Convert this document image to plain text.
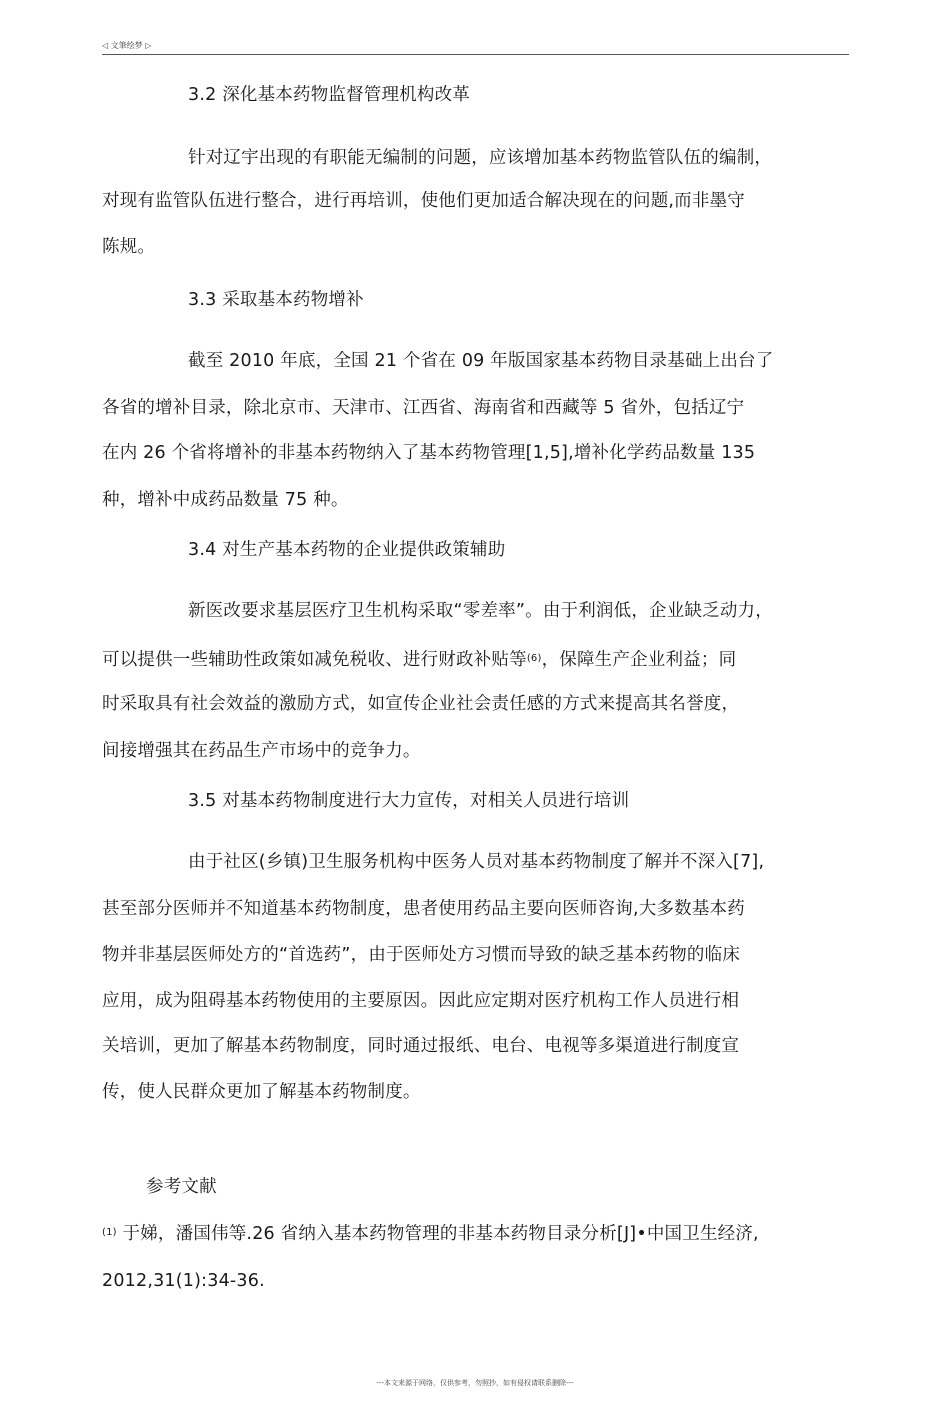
◁ 文筆绘梦 ▷
3.2 深化基本药物监督管理机构改革
针对辽宇出现的有职能无编制的问题，应该增加基本药物监管队伍的编制，
对现有监管队伍进行整合，进行再培训，使他们更加适合解决现在的问题,而非墨守
陈规。
3.3 采取基本药物增补
截至 2010 年底，全国 21 个省在 09 年版国家基本药物目录基础上出台了
各省的增补目录，除北京市、天津市、江西省、海南省和西藏等 5 省外，包括辽宁
在内 26 个省将增补的非基本药物纳入了基本药物管理[1,5],增补化学药品数量 135
种，增补中成药品数量 75 种。
3.4 对生产基本药物的企业提供政策辅助
新医改要求基层医疗卫生机构采取“零差率”。由于利润低，企业缺乏动力，
可以提供一些辅助性政策如减免税收、进行财政补贴等$^{(6)}$，保障生产企业利益；同
时采取具有社会效益的激励方式，如宣传企业社会责任感的方式来提高其名誉度，
间接增强其在药品生产市场中的竞争力。
3.5 对基本药物制度进行大力宣传，对相关人员进行培训
由于社区(乡镇)卫生服务机构中医务人员对基本药物制度了解并不深入[7],
甚至部分医师并不知道基本药物制度，患者使用药品主要向医师咨询,大多数基本药
物并非基层医师处方的“首选药”，由于医师处方习惯而导致的缺乏基本药物的临床
应用，成为阻碍基本药物使用的主要原因。因此应定期对医疗机构工作人员进行相
关培训，更加了解基本药物制度，同时通过报纸、电台、电视等多渠道进行制度宣
传，使人民群众更加了解基本药物制度。
参考文献
$^{(1)}$ 于娣，潘国伟等.26 省纳入基本药物管理的非基本药物目录分析[J]•中国卫生经济,
2012,31(1):34-36.
---本文来源于网络，仅供参考，勿照抄，如有侵权请联系删除---
